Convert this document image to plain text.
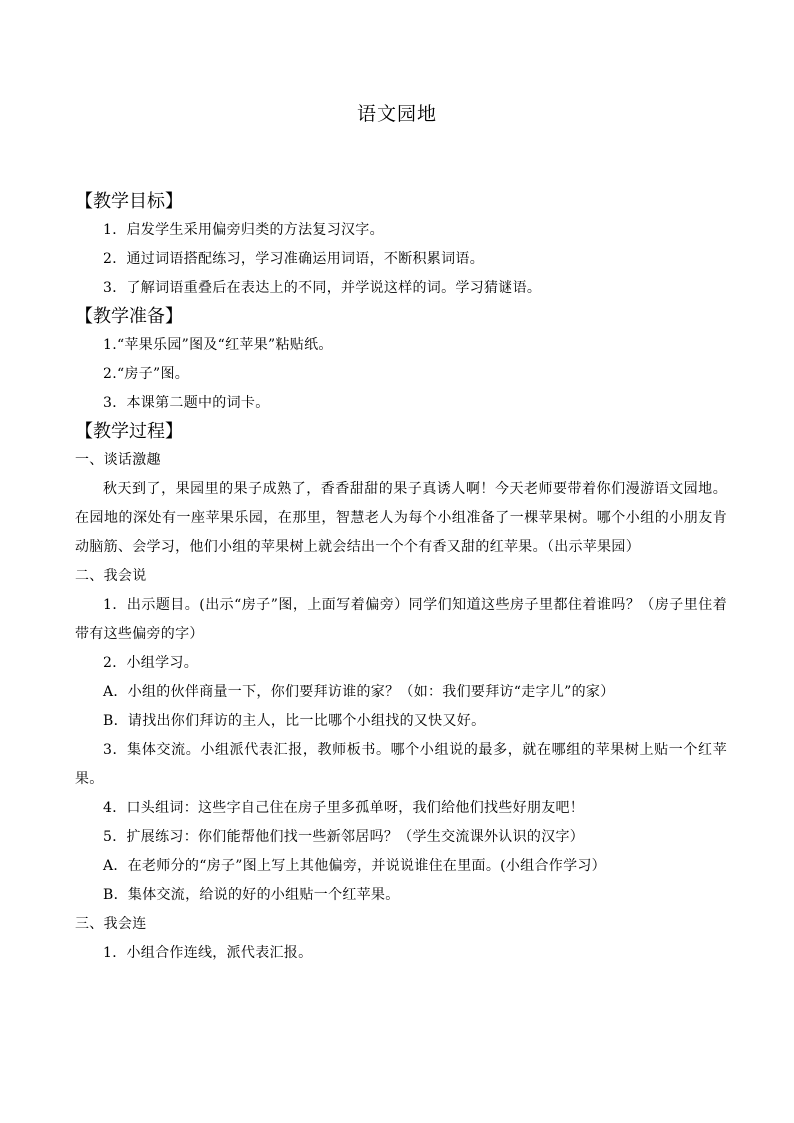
语文园地
【教学目标】

1．启发学生采用偏旁归类的方法复习汉字。

2．通过词语搭配练习，学习准确运用词语，不断积累词语。

3．了解词语重叠后在表达上的不同，并学说这样的词。学习猜谜语。

【教学准备】

1.“苹果乐园”图及“红苹果”粘贴纸。

2.“房子”图。

3．本课第二题中的词卡。

【教学过程】

一、谈话激趣

秋天到了，果园里的果子成熟了，香香甜甜的果子真诱人啊！今天老师要带着你们漫游语文园地。在园地的深处有一座苹果乐园，在那里，智慧老人为每个小组准备了一棵苹果树。哪个小组的小朋友肯动脑筋、会学习，他们小组的苹果树上就会结出一个个有香又甜的红苹果。（出示苹果园）

二、我会说

1．出示题目。(出示“房子”图，上面写着偏旁）同学们知道这些房子里都住着谁吗？（房子里住着带有这些偏旁的字）

2．小组学习。

A．小组的伙伴商量一下，你们要拜访谁的家？（如：我们要拜访“走字儿”的家）

B．请找出你们拜访的主人，比一比哪个小组找的又快又好。

3．集体交流。小组派代表汇报，教师板书。哪个小组说的最多，就在哪组的苹果树上贴一个红苹果。

4．口头组词：这些字自己住在房子里多孤单呀，我们给他们找些好朋友吧！

5．扩展练习：你们能帮他们找一些新邻居吗？（学生交流课外认识的汉字）

A．在老师分的“房子”图上写上其他偏旁，并说说谁住在里面。(小组合作学习）

B．集体交流，给说的好的小组贴一个红苹果。

三、我会连

1．小组合作连线，派代表汇报。
